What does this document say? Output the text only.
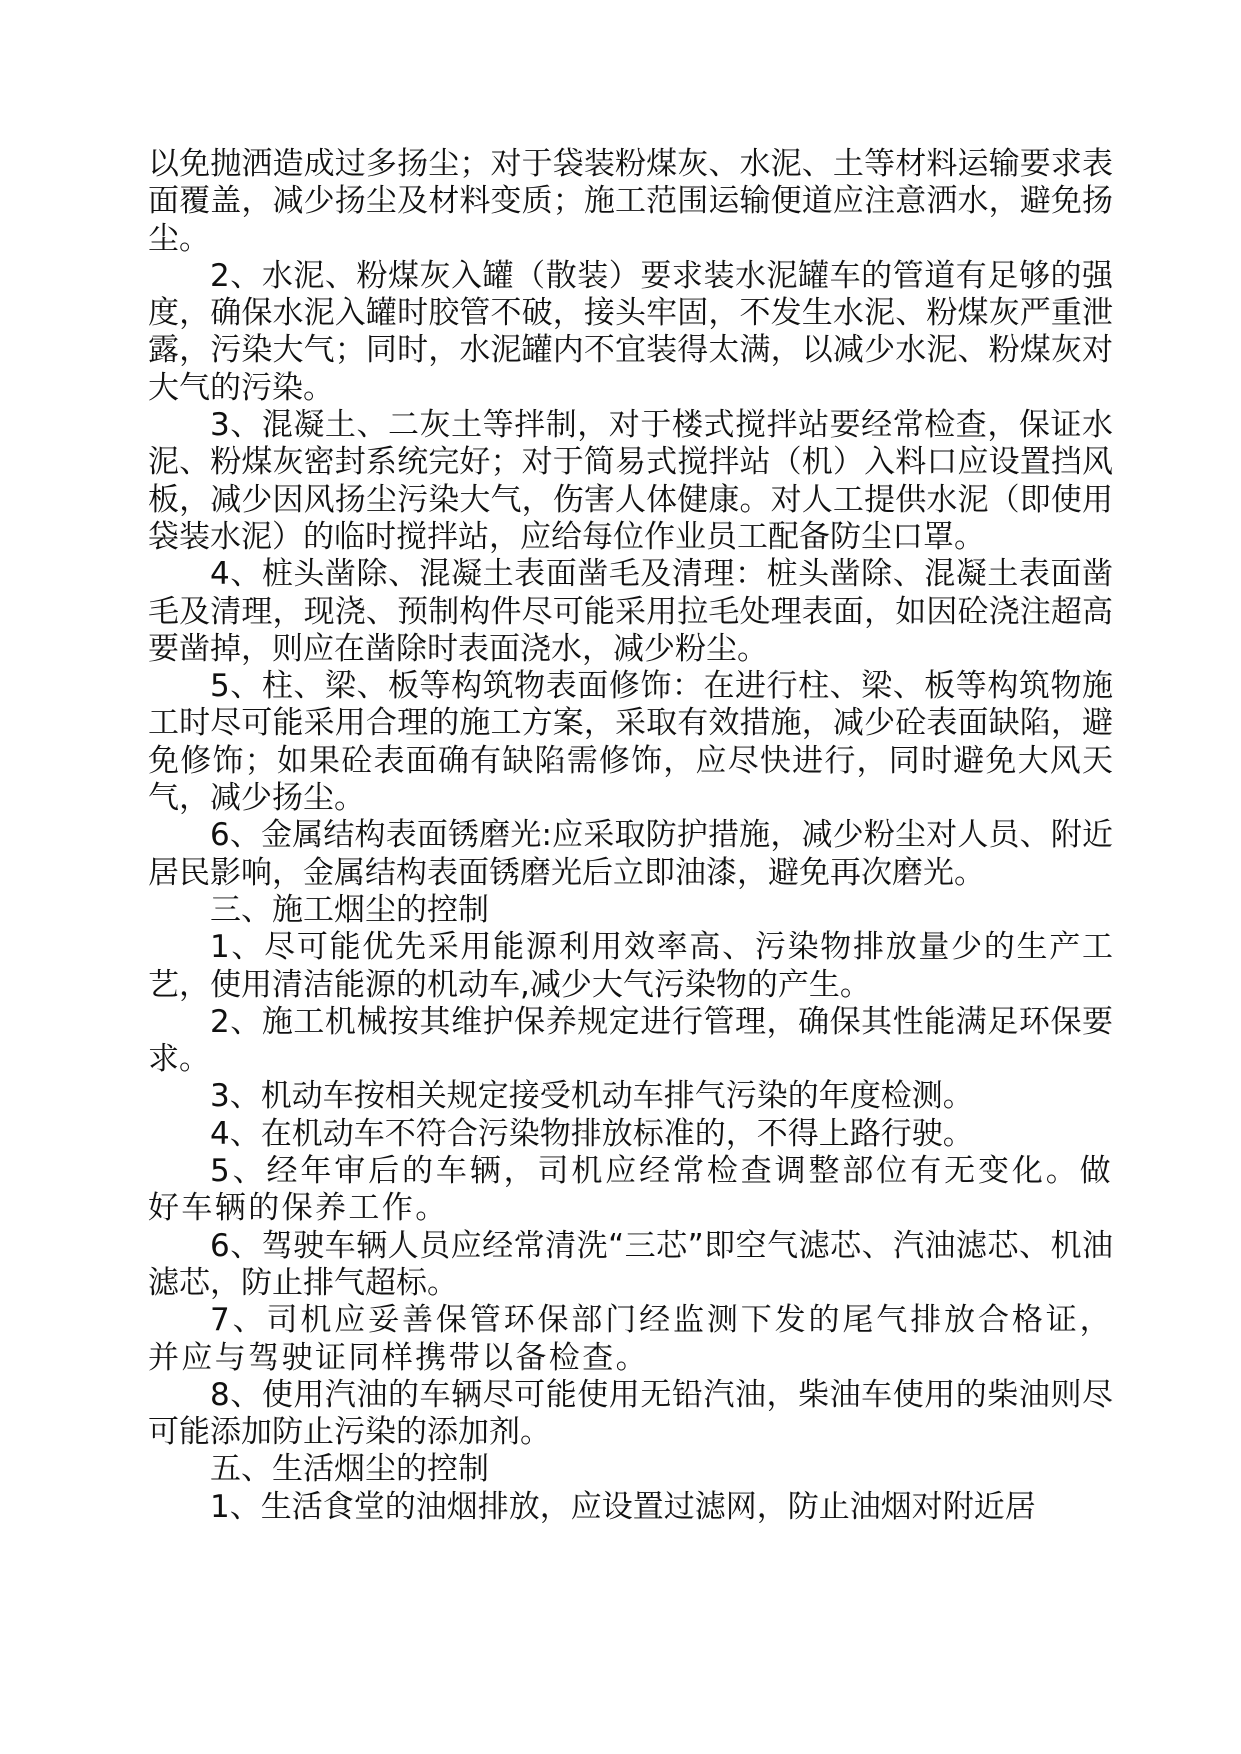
以免抛洒造成过多扬尘；对于袋装粉煤灰、水泥、土等材料运输要求表面覆盖，减少扬尘及材料变质；施工范围运输便道应注意洒水，避免扬尘。

2、水泥、粉煤灰入罐（散装）要求装水泥罐车的管道有足够的强度，确保水泥入罐时胶管不破，接头牢固，不发生水泥、粉煤灰严重泄露，污染大气；同时，水泥罐内不宜装得太满，以减少水泥、粉煤灰对大气的污染。

3、混凝土、二灰土等拌制，对于楼式搅拌站要经常检查，保证水泥、粉煤灰密封系统完好；对于简易式搅拌站（机）入料口应设置挡风板，减少因风扬尘污染大气，伤害人体健康。对人工提供水泥（即使用袋装水泥）的临时搅拌站，应给每位作业员工配备防尘口罩。

4、桩头凿除、混凝土表面凿毛及清理：桩头凿除、混凝土表面凿毛及清理，现浇、预制构件尽可能采用拉毛处理表面，如因砼浇注超高要凿掉，则应在凿除时表面浇水，减少粉尘。

5、柱、梁、板等构筑物表面修饰：在进行柱、梁、板等构筑物施工时尽可能采用合理的施工方案，采取有效措施，减少砼表面缺陷，避免修饰；如果砼表面确有缺陷需修饰，应尽快进行，同时避免大风天气，减少扬尘。

6、金属结构表面锈磨光:应采取防护措施，减少粉尘对人员、附近居民影响，金属结构表面锈磨光后立即油漆，避免再次磨光。

三、施工烟尘的控制

1、尽可能优先采用能源利用效率高、污染物排放量少的生产工艺，使用清洁能源的机动车,减少大气污染物的产生。

2、施工机械按其维护保养规定进行管理，确保其性能满足环保要求。

3、机动车按相关规定接受机动车排气污染的年度检测。

4、在机动车不符合污染物排放标准的，不得上路行驶。

5、经年审后的车辆，司机应经常检查调整部位有无变化。做好车辆的保养工作。

6、驾驶车辆人员应经常清洗“三芯”即空气滤芯、汽油滤芯、机油滤芯，防止排气超标。

7、司机应妥善保管环保部门经监测下发的尾气排放合格证，并应与驾驶证同样携带以备检查。

8、使用汽油的车辆尽可能使用无铅汽油，柴油车使用的柴油则尽可能添加防止污染的添加剂。

五、生活烟尘的控制

1、生活食堂的油烟排放，应设置过滤网，防止油烟对附近居
